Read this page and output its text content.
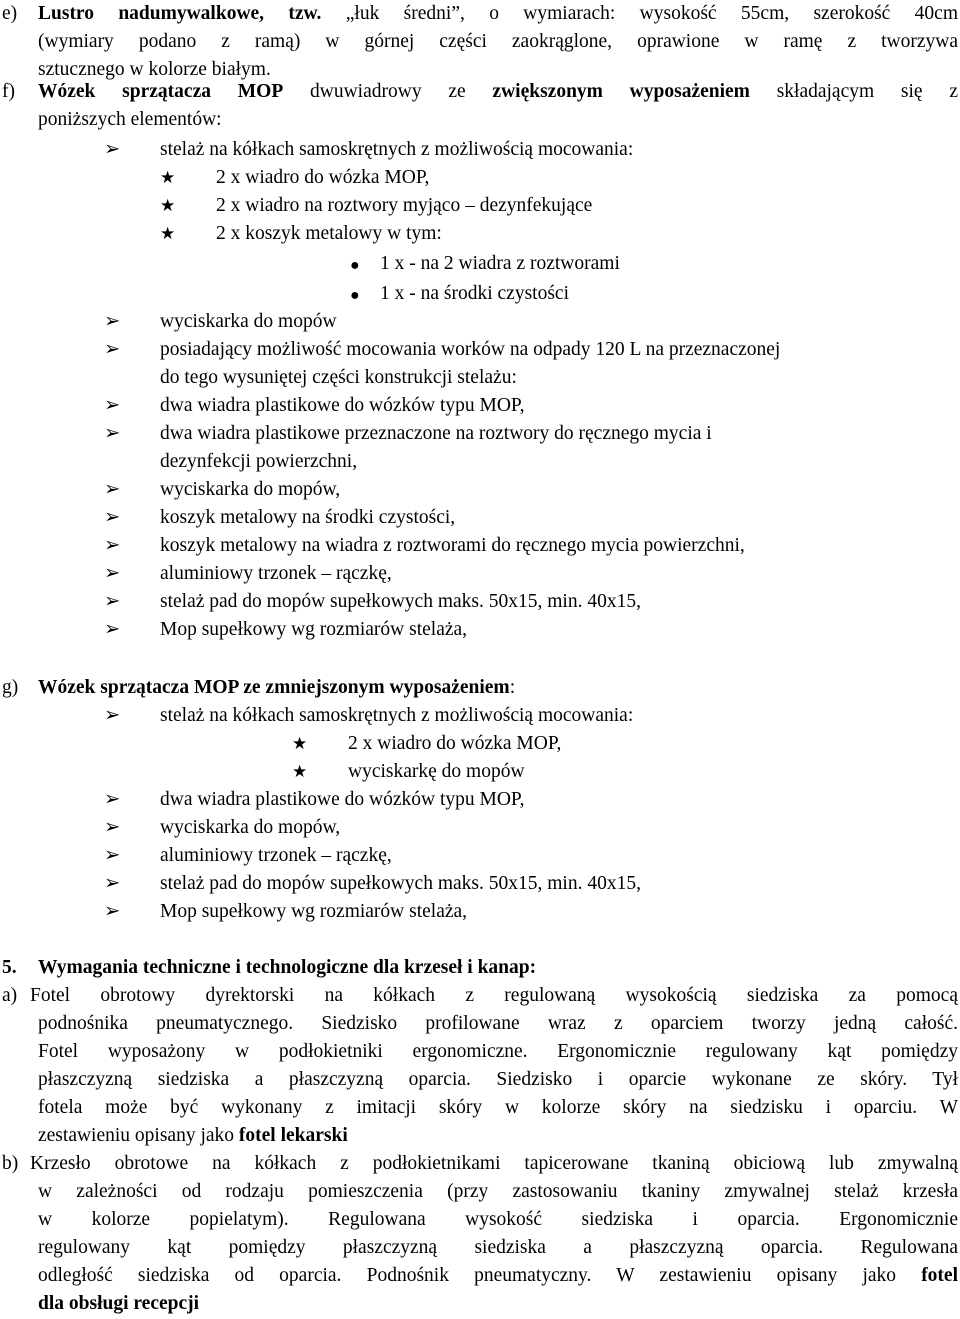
e) Lustro nadumywalkowe, tzw. „łuk średni”, o wymiarach: wysokość 55cm, szerokość 40cm
(wymiary podano z ramą) w górnej części zaokrąglone, oprawione w ramę z tworzywa
sztucznego w kolorze białym.
f) Wózek sprzątacza MOP dwuwiadrowy ze zwiększonym wyposażeniem składającym się z
poniższych elementów:
➢ stelaż na kółkach samoskrętnych z możliwością mocowania:
★ 2 x wiadro do wózka MOP,
★ 2 x wiadro na roztwory myjąco – dezynfekujące
★ 2 x koszyk metalowy w tym:
● 1 x - na 2 wiadra z roztworami
● 1 x - na środki czystości
➢ wyciskarka do mopów
➢ posiadający możliwość mocowania worków na odpady 120 L na przeznaczonej
do tego wysuniętej części konstrukcji stelażu:
➢ dwa wiadra plastikowe do wózków typu MOP,
➢ dwa wiadra plastikowe przeznaczone na roztwory do ręcznego mycia i
dezynfekcji powierzchni,
➢ wyciskarka do mopów,
➢ koszyk metalowy na środki czystości,
➢ koszyk metalowy na wiadra z roztworami do ręcznego mycia powierzchni,
➢ aluminiowy trzonek – rączkę,
➢ stelaż pad do mopów supełkowych maks. 50x15, min. 40x15,
➢ Mop supełkowy wg rozmiarów stelaża,
g) Wózek sprzątacza MOP ze zmniejszonym wyposażeniem:
➢ stelaż na kółkach samoskrętnych z możliwością mocowania:
★ 2 x wiadro do wózka MOP,
★ wyciskarkę do mopów
➢ dwa wiadra plastikowe do wózków typu MOP,
➢ wyciskarka do mopów,
➢ aluminiowy trzonek – rączkę,
➢ stelaż pad do mopów supełkowych maks. 50x15, min. 40x15,
➢ Mop supełkowy wg rozmiarów stelaża,
5. Wymagania techniczne i technologiczne dla krzeseł i kanap:
a) Fotel obrotowy dyrektorski na kółkach z regulowaną wysokością siedziska za pomocą
podnośnika pneumatycznego. Siedzisko profilowane wraz z oparciem tworzy jedną całość.
Fotel wyposażony w podłokietniki ergonomiczne. Ergonomicznie regulowany kąt pomiędzy
płaszczyzną siedziska a płaszczyzną oparcia. Siedzisko i oparcie wykonane ze skóry. Tył
fotela może być wykonany z imitacji skóry w kolorze skóry na siedzisku i oparciu. W
zestawieniu opisany jako fotel lekarski
b) Krzesło obrotowe na kółkach z podłokietnikami tapicerowane tkaniną obiciową lub zmywalną
w zależności od rodzaju pomieszczenia (przy zastosowaniu tkaniny zmywalnej stelaż krzesła
w kolorze popielatym). Regulowana wysokość siedziska i oparcia. Ergonomicznie
regulowany kąt pomiędzy płaszczyzną siedziska a płaszczyzną oparcia. Regulowana
odległość siedziska od oparcia. Podnośnik pneumatyczny. W zestawieniu opisany jako fotel
dla obsługi recepcji
